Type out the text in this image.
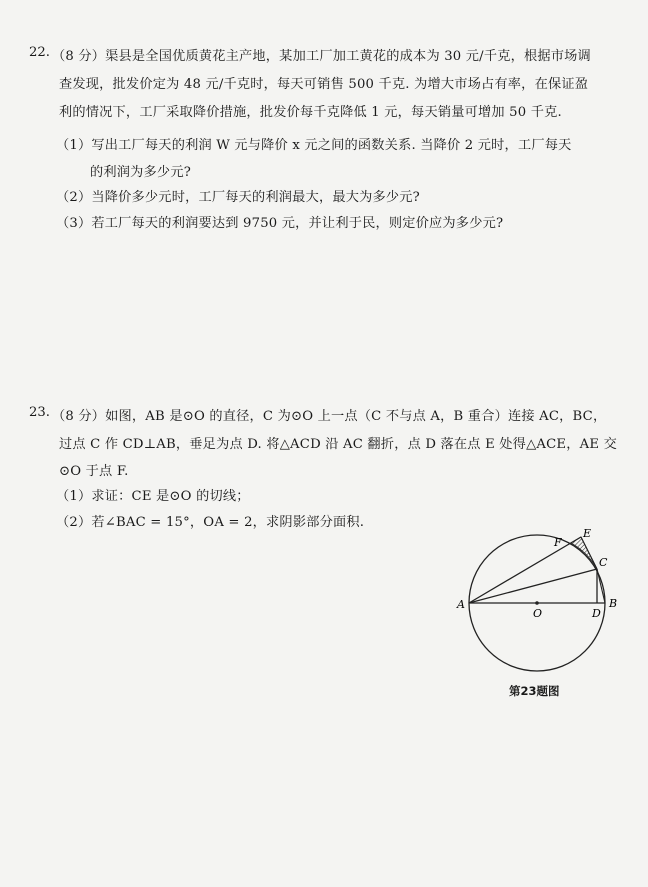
22. （8 分）渠县是全国优质黄花主产地，某加工厂加工黄花的成本为 30 元/千克，根据市场调
查发现，批发价定为 48 元/千克时，每天可销售 500 千克. 为增大市场占有率，在保证盈
利的情况下，工厂采取降价措施，批发价每千克降低 1 元，每天销量可增加 50 千克.
（1）写出工厂每天的利润 W 元与降价 x 元之间的函数关系. 当降价 2 元时，工厂每天
的利润为多少元?
（2）当降价多少元时，工厂每天的利润最大，最大为多少元?
（3）若工厂每天的利润要达到 9750 元，并让利于民，则定价应为多少元?
23. （8 分）如图，AB 是⊙O 的直径，C 为⊙O 上一点（C 不与点 A，B 重合）连接 AC，BC，
过点 C 作 CD⊥AB，垂足为点 D. 将△ACD 沿 AC 翻折，点 D 落在点 E 处得△ACE，AE 交
⊙O 于点 F.
（1）求证：CE 是⊙O 的切线；
（2）若∠BAC = 15°，OA = 2，求阴影部分面积.
A	B
C
D
E
F
O
第23题图
